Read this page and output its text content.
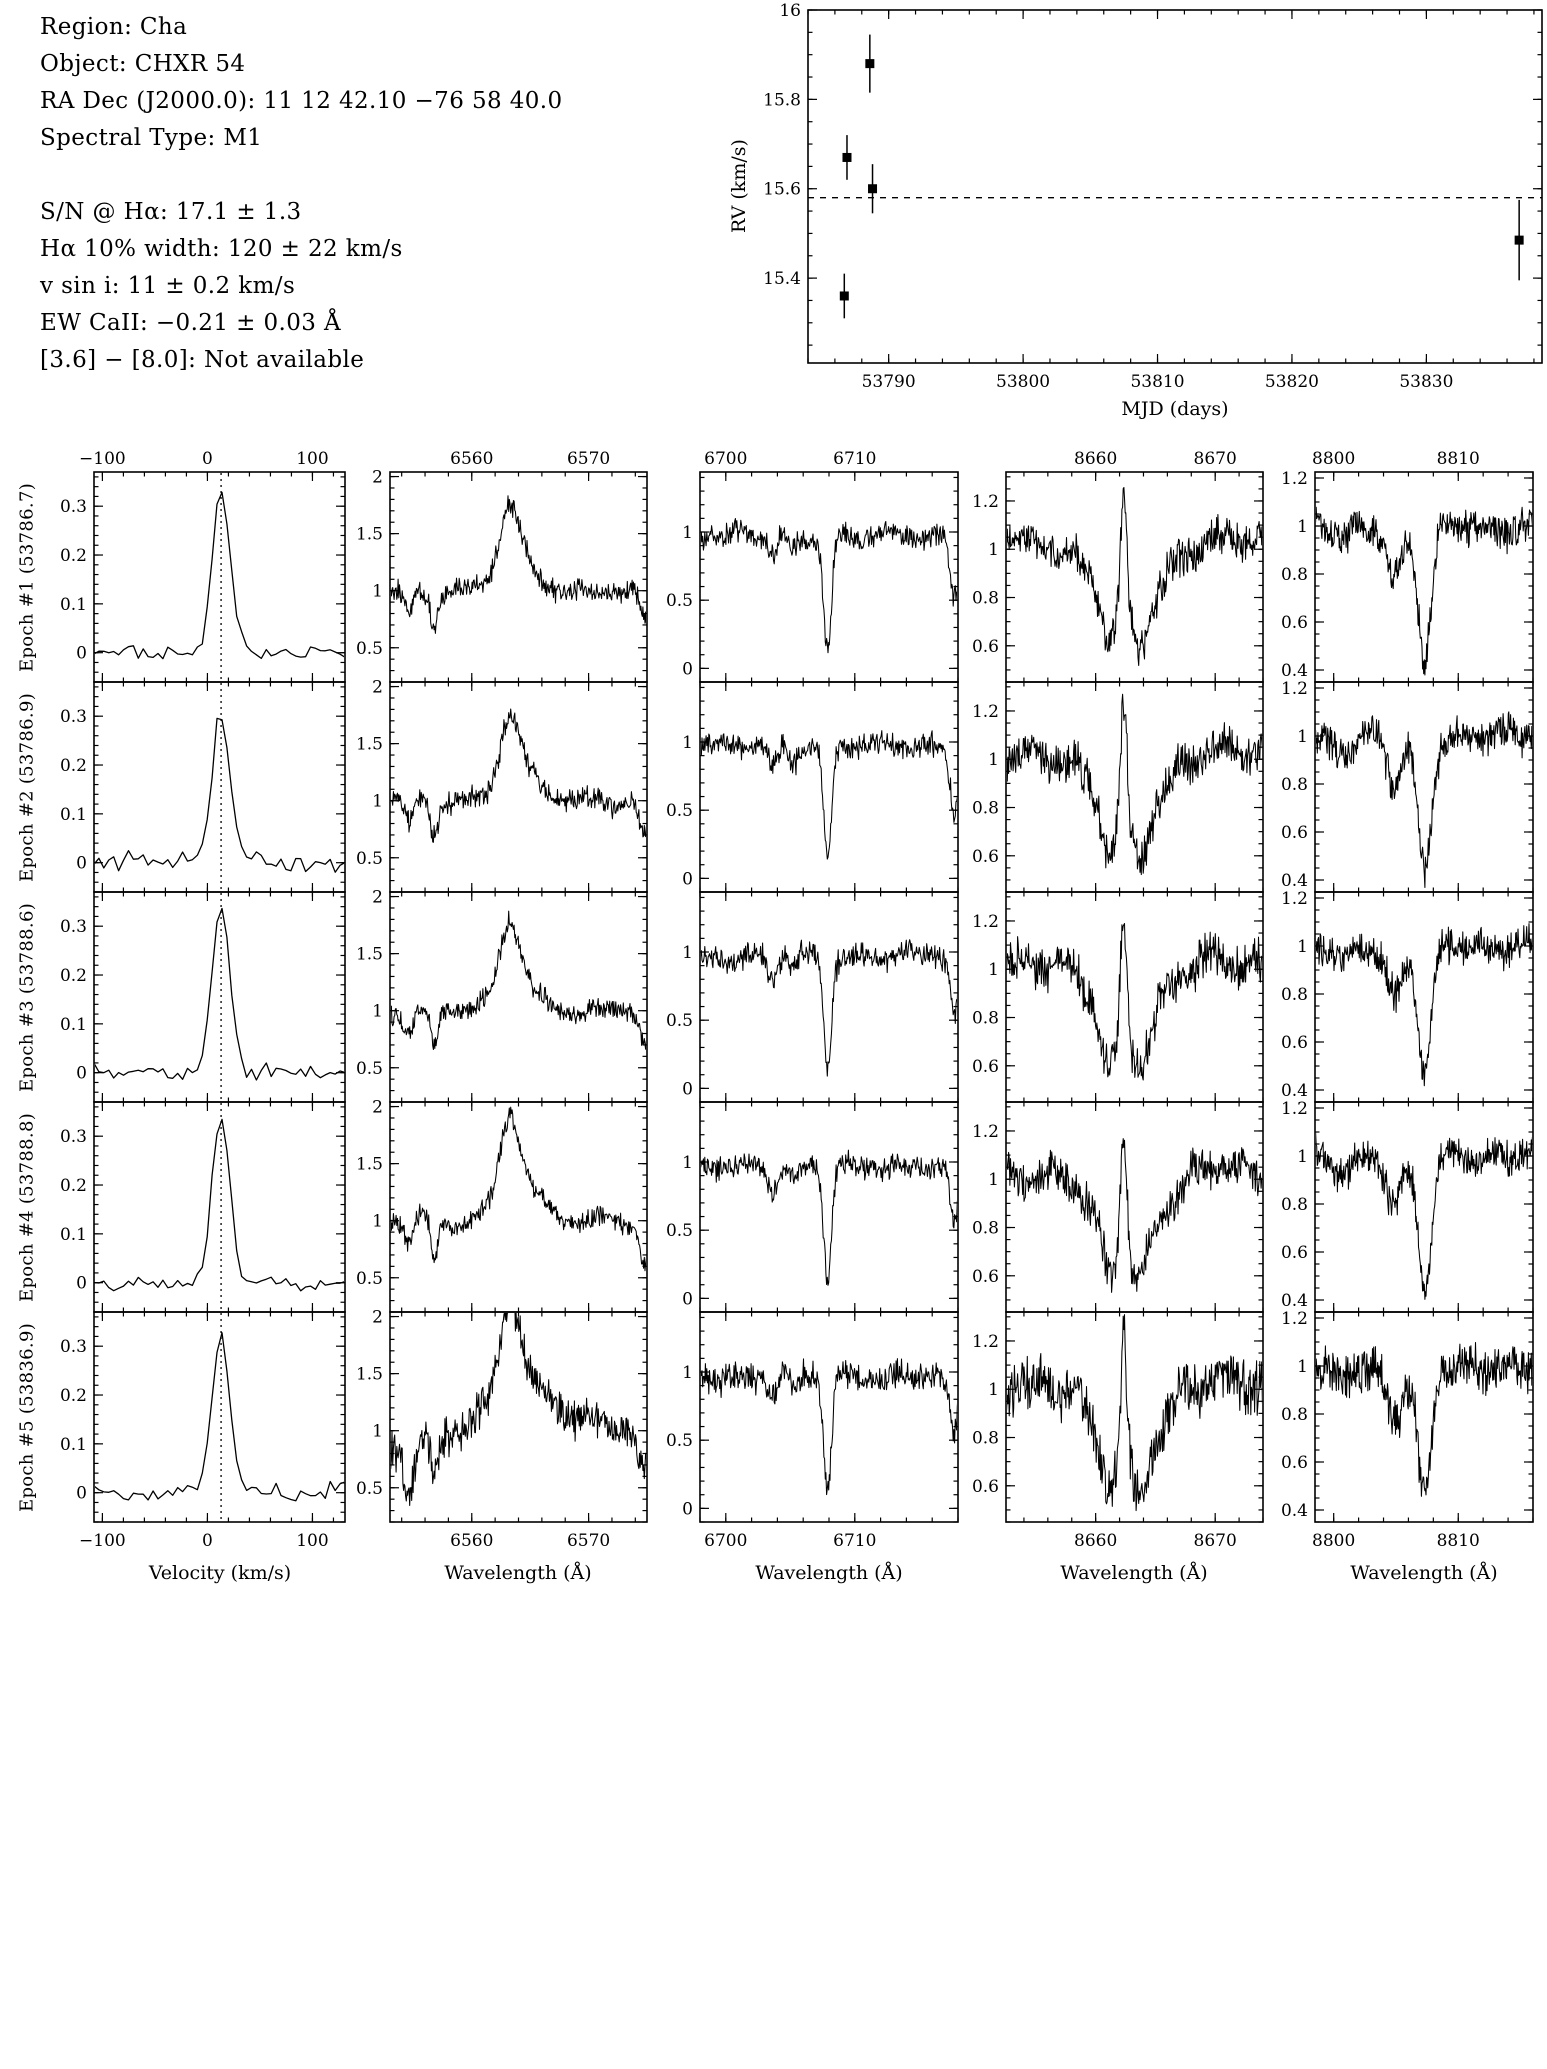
Region: Cha
Object: CHXR 54
RA Dec (J2000.0): 11 12 42.10 −76 58 40.0
Spectral Type: M1
S/N @ Hα: 17.1 ± 1.3
Hα 10% width: 120 ± 22 km/s
v sin i: 11 ± 0.2 km/s
EW CaII: −0.21 ± 0.03 Å
[3.6] − [8.0]: Not available
RV (km/s)
MJD (days)
Epoch #1 (53786.7)
Epoch #2 (53786.9)
Epoch #3 (53788.6)
Epoch #4 (53788.8)
Epoch #5 (53836.9)
Velocity (km/s)	Wavelength (Å)	Wavelength (Å)	Wavelength (Å)	Wavelength (Å)
15.4
15.6
15.8
16
53790	53800	53810	53820	53830
0
0.1
0.2
0.3
−100	0	100
0
0.1
0.2
0.3
0
0.1
0.2
0.3
0
0.1
0.2
0.3
0
0.1
0.2
0.3
−100	0	100
0.5
1
1.5
2
6560	6570
0.5
1
1.5
2
0.5
1
1.5
2
0.5
1
1.5
2
0.5
1
1.5
2
6560	6570
0
0.5
1
6700	6710
0
0.5
1
0
0.5
1
0
0.5
1
0
0.5
1
6700	6710
0.6
0.8
1
1.2
8660	8670
0.6
0.8
1
1.2
0.6
0.8
1
1.2
0.6
0.8
1
1.2
0.6
0.8
1
1.2
8660	8670
0.4
0.6
0.8
1
1.2
8800	8810
0.4
0.6
0.8
1
1.2
0.4
0.6
0.8
1
1.2
0.4
0.6
0.8
1
1.2
0.4
0.6
0.8
1
1.2
8800	8810
